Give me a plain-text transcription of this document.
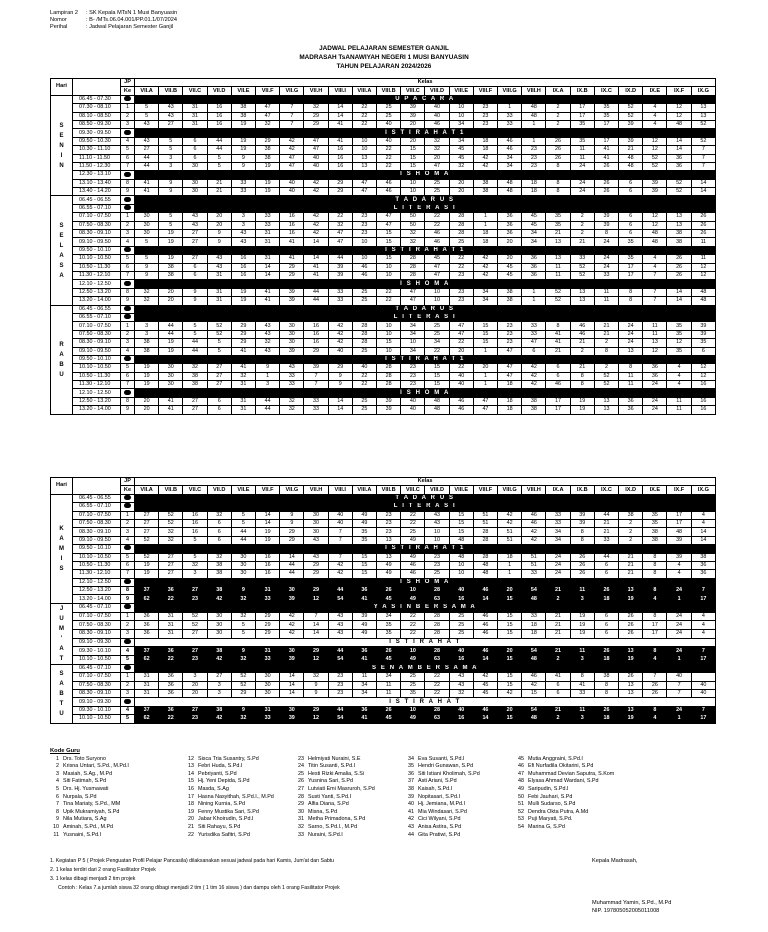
Lampiran 2	: SK Kepala MTsN 1 Musi Banyuasin
Nomor	: B- /MTs.06.04.001/PP.01.1/07/2024
Perihal	: Jadwal Pelajaran Semester Ganjil
JADWAL PELAJARAN SEMESTER GANJIL
MADRASAH TsANAWIYAH NEGERI 1 MUSI BANYUASIN
TAHUN PELAJARAN 2024/2026
Hari		JP	Kelas																							
		Ke	VII.A	VII.B	VII.C	VII.D	VII.E	VII.F	VII.G	VII.H	VIII.I	VIII.A	VIII.B	VIII.C	VIII.D	VIII.E	VIII.F	VIII.G	VIII.H	IX.A	IX.B	IX.C	IX.D	IX.E	IX.F	IX.G
S E N I N	06.45 - 07.30		U P A C A R A																							
	07.30 - 08.10	1	5	43	31	16	38	47	7	32	14	22	25	39	40	10	23	1	48	2	17	35	52	4	12	13
	08.10 - 08.50	2	5	43	31	16	38	47	7	29	14	22	25	39	40	10	23	33	48	2	17	35	52	4	12	13
	08.50 - 09.30	3	43	27	31	16	19	32	7	29	41	22	40	20	46	34	23	33	1	2	35	17	39	4	48	52
	09.30 - 09.50		I S T I R A H A T 1																							
	09.50 - 10.30	4	43	5	6	44	19	29	42	47	41	10	40	20	32	34	18	46	1	26	35	17	39	12	14	52
	10.30 - 11.10	5	27	5	6	44	19	38	42	47	16	10	22	15	32	45	18	46	23	26	11	41	21	12	14	7
	11.10 - 11.50	6	44	3	6	5	9	38	47	40	16	13	22	15	20	45	42	34	23	26	11	41	48	52	36	7
	11.50 - 12.30	7	44	3	30	5	9	19	47	40	16	13	22	15	47	32	42	34	23	8	24	26	48	52	36	7
	12.30 - 13.10		I S H O M A																							
	13.10 - 13.40	8	41	9	30	21	33	19	40	42	29	47	46	10	25	20	38	48	18	8	24	26	6	39	52	14
	13.40 - 14.20	9	41	9	30	21	33	19	40	42	29	47	46	10	25	20	38	48	18	8	24	26	6	39	52	14
S E L A S A	06.45 - 06.55		T A D A R U S																							
	06.55 - 07.10		L I T E R A S I																							
	07.10 - 07.50	1	30	5	43	20	3	33	16	42	22	23	47	50	22	28	1	36	45	35	2	39	6	12	13	26
	07.50 - 08.30	2	30	5	43	20	3	33	16	42	32	23	47	50	22	28	1	36	45	35	2	39	6	12	13	26
	08.30 - 09.10	3	30	19	27	9	43	31	16	42	47	23	15	32	46	28	18	36	34	21	2	8	6	48	38	26
	09.10 - 09.50	4	5	19	27	9	43	31	41	14	47	10	15	32	46	25	18	20	34	13	21	24	35	48	38	11
	09.50 - 10.10		I S T I R A H A T 1																							
	10.10 - 10.50	5	5	19	27	43	16	31	41	14	44	10	15	28	45	22	42	20	36	13	33	24	35	4	26	11
	10.50 - 11.30	6	9	38	6	43	16	14	29	41	39	46	10	28	47	22	42	45	36	11	52	24	17	4	26	12
	11.30 - 12.10	7	9	38	6	31	16	14	29	41	39	46	10	28	47	23	42	45	36	11	52	33	17	7	26	12
	12.10 - 12.50		I S H O M A																							
	12.50 - 13.20	8	32	20	9	31	19	41	39	44	33	25	22	47	10	23	34	38	1	52	13	11	8	7	14	48
	13.20 - 14.00	9	32	20	9	31	19	41	39	44	33	25	22	47	10	23	34	38	1	52	13	11	8	7	14	48
R A B U	06.45 - 06.55		T A D A R U S																							
	06.55 - 07.10		L I T E R A S I																							
	07.10 - 07.50	1	3	44	5	52	29	43	30	16	42	28	10	34	25	47	15	23	33	8	46	21	24	11	35	39
	07.50 - 08.30	2	3	44	5	52	29	43	30	16	42	28	10	34	25	47	15	23	33	41	46	21	24	11	35	39
	08.30 - 09.10	3	38	19	44	5	29	32	30	16	42	28	15	10	34	22	15	23	47	41	21	2	24	13	12	35
	09.10 - 09.50	4	38	19	44	5	41	43	39	29	40	25	10	34	22	20	1	47	6	21	2	8	13	12	35	6
	09.50 - 10.10		I S T I R A H A T 1																							
	10.10 - 10.50	5	19	30	32	27	41	9	43	39	29	40	28	23	15	22	20	47	42	6	21	2	8	36	4	12
	10.50 - 11.30	6	19	30	38	27	32	1	33	7	9	22	28	23	15	40	1	47	42	6	8	52	11	36	4	12
	11.30 - 12.10	7	19	30	38	27	31	3	33	7	9	22	28	23	15	40	1	18	42	46	8	52	11	24	4	16
	12.10 - 12.50		I S H O M A																							
	12.50 - 13.20	8	20	41	27	6	31	44	32	33	14	25	39	40	48	46	47	18	38	17	19	13	36	24	11	16
	13.20 - 14.00	9	20	41	27	6	31	44	32	33	14	25	39	40	48	46	47	18	38	17	19	13	36	24	11	16
Hari		JP	Kelas																							
		Ke	VII.A	VII.B	VII.C	VII.D	VII.E	VII.F	VII.G	VII.H	VIII.I	VIII.A	VIII.B	VIII.C	VIII.D	VIII.E	VIII.F	VIII.G	VIII.H	IX.A	IX.B	IX.C	IX.D	IX.E	IX.F	IX.G
K A M I S	06.45 - 06.55		T A D A R U S																							
	06.55 - 07.10		L I T E R A S I																							
	07.10 - 07.50	1	27	52	16	32	5	14	9	30	40	49	23	22	43	15	51	42	46	33	39	44	38	35	17	4
	07.50 - 08.30	2	27	52	16	6	5	14	9	30	40	49	23	22	43	15	51	42	46	33	39	21	2	35	17	4
	08.30 - 09.10	3	27	32	16	6	44	19	29	30	7	35	23	25	10	15	28	51	42	34	8	21	2	38	48	14
	09.10 - 09.50	4	52	32	5	6	44	19	29	43	7	35	13	49	10	48	28	51	42	34	8	33	2	38	39	14
	09.50 - 10.10		I S T I R A H A T 1																							
	10.10 - 10.50	5	52	27	5	32	30	16	14	43	7	15	13	49	23	48	28	18	51	24	26	44	21	8	39	38
	10.50 - 11.30	6	19	27	32	38	30	16	44	29	42	15	49	46	23	10	48	1	51	24	26	6	21	8	4	36
	11.30 - 12.10	7	19	27	3	38	30	16	44	29	42	15	49	46	25	10	48	1	33	24	26	6	21	8	4	36
	12.10 - 12.50		I S H O M A																							
	12.50 - 13.20	8	37	36	27	38	9	31	30	29	44	36	26	10	28	40	46	20	54	21	11	26	13	8	24	7
	13.20 - 14.00	9	62	22	23	42	32	33	39	12	54	41	45	49	63	16	14	15	48	2	3	18	19	4	1	17
J U M ' A T	06.45 - 07.10		Y A S I N B E R S A M A																							
	07.10 - 07.50	1	36	31	52	30	32	29	42	7	43	39	34	22	28	25	46	15	33	21	19	6	26	8	24	4
	07.50 - 08.30	2	36	31	52	30	5	29	42	14	43	49	35	22	28	25	46	15	18	21	19	6	26	17	24	4
	08.30 - 09.10	3	36	31	27	30	5	29	42	14	43	49	35	22	28	25	46	15	18	21	19	6	26	17	24	4
	09.10 - 09.30		I S T I R A H A T																							
	09.30 - 10.10	4	37	36	27	38	9	31	30	29	44	36	26	10	28	40	46	20	54	21	11	26	13	8	24	7
	10.10 - 10.50	5	62	22	23	42	32	33	39	12	54	41	45	49	63	16	14	15	48	2	3	18	19	4	1	17
S A B T U	06.45 - 07.10		S E N A M B E R S A M A																							
	07.10 - 07.50	1	31	36	3	27	52	30	14	32	23	11	34	25	22	43	42	15	46	41	8	38	26	7	40	
	07.50 - 08.30	2	31	36	20	3	52	30	14	9	23	34	11	25	22	43	45	15	42	6	41	8	13	26	7	40
	08.30 - 09.10	3	31	36	20	3	29	30	14	9	23	34	11	35	22	32	45	42	15	6	33	8	13	26	7	40
	09.10 - 09.30		I S T I R A H A T																							
	09.30 - 10.10	4	37	36	27	38	9	31	30	29	44	36	26	10	28	40	46	20	54	21	11	26	13	8	24	7
	10.10 - 10.50	5	62	22	23	42	32	33	39	12	54	41	45	49	63	16	14	15	48	2	3	18	19	4	1	17
Kode Guru
1 Drs. Toto Suryono
2 Krisna Untari, S.Pd., M.Pd.I
3 Masiah, S.Ag., M.Pd
4 Siti Fatimah, S.Pd
5 Drs. Hj. Yusmawati
6 Nurpala, S.Pd
7 Tina Mariaty, S.Pd., MM
8 Upik Mukramiyah, S.Pd
9 Nila Mutiara, S.Ag
10 Aminah, S.Pd., M.Pd
11 Yusnaini, S.Pd.I
12 Sisca Tria Susantry, S.Pd
13 Febri Huda, S.Pd.I
14 Pebriyanti, S.Pd
15 Hj. Yeni Depida, S.Pd
16 Masda, S.Ag
17 Hasna Nasyithah, S.Pd.I., M.Pd
18 Nining Kurnia, S.Pd
19 Fenny Mustika Sari, S.Pd
20 Jabar Khoirudin, S.Pd.I
21 Siti Rahayu, S.Pd
22 Yurisdika Safitri, S.Pd
23 Helmiyati Nuraini, S.E
24 Titin Susanti, S.Pd.I
25 Hesti Rizki Amalia, S.Si
26 Yusnina Sari, S.Pd
27 Lutviati Emi Masruroh, S.Pd
28 Susti Yanti, S.Pd.I
29 Alfia Diana, S.Pd
30 Misna, S.Pd
31 Metha Primadona, S.Pd
32 Sarno, S.Pd.I., M.Pd
33 Nuraini, S.Pd.I
34 Eva Susanti, S.Pd.I
35 Hendri Gunawan, S.Pd
36 Siti Istiani Kholimah, S.Pd
37 Asti Ariani, S.Pd
38 Kaisah, S.Pd.I
39 Nopitasari, S.Pd.I
40 Hj. Jemiana, M.Pd.I
41 Mia Windasari, S.Pd
42 Cici Wilyani, S.Pd
43 Anisa Astira, S.Pd
44 Gita Pratiwi, S.Pd
45 Mutia Anggraini, S.Pd.I
46 Efi Nurfadila Okitarini, S.Pd
47 Muhammad Devian Saputra, S.Kom
48 Elyasa Ahmad Wardani, S.Pd
49 Saripudin, S.Pd.I
50 Febi Jauhari, S.Pd
51 Mulli Sudarso, S.Pd
52 Dendra Okta Putra, A.Md
53 Puji Maryati, S.Pd.
54 Marina G, S.Pd
1. Kegiatan P 5 ( Projek Penguatan Profil Pelajar Pancasila) dilaksanakan sesuai jadwal pada hari Kamis, Jum'at dan Sabtu
2. 1 kelas terdiri dari 2 orang Fasilitator Projek
3. 1 kelas dibagi menjadi 2 tim projek
Contoh : Kelas 7.a jumlah siswa 32 orang dibagi menjadi 2 tim ( 1 tim 16 siswa ) dan dampu oleh 1 orang Fasilitator Projek
Kepala Madrasah,
Muhammad Yamin, S.Pd., M.Pd
NIP. 197805052005011008
